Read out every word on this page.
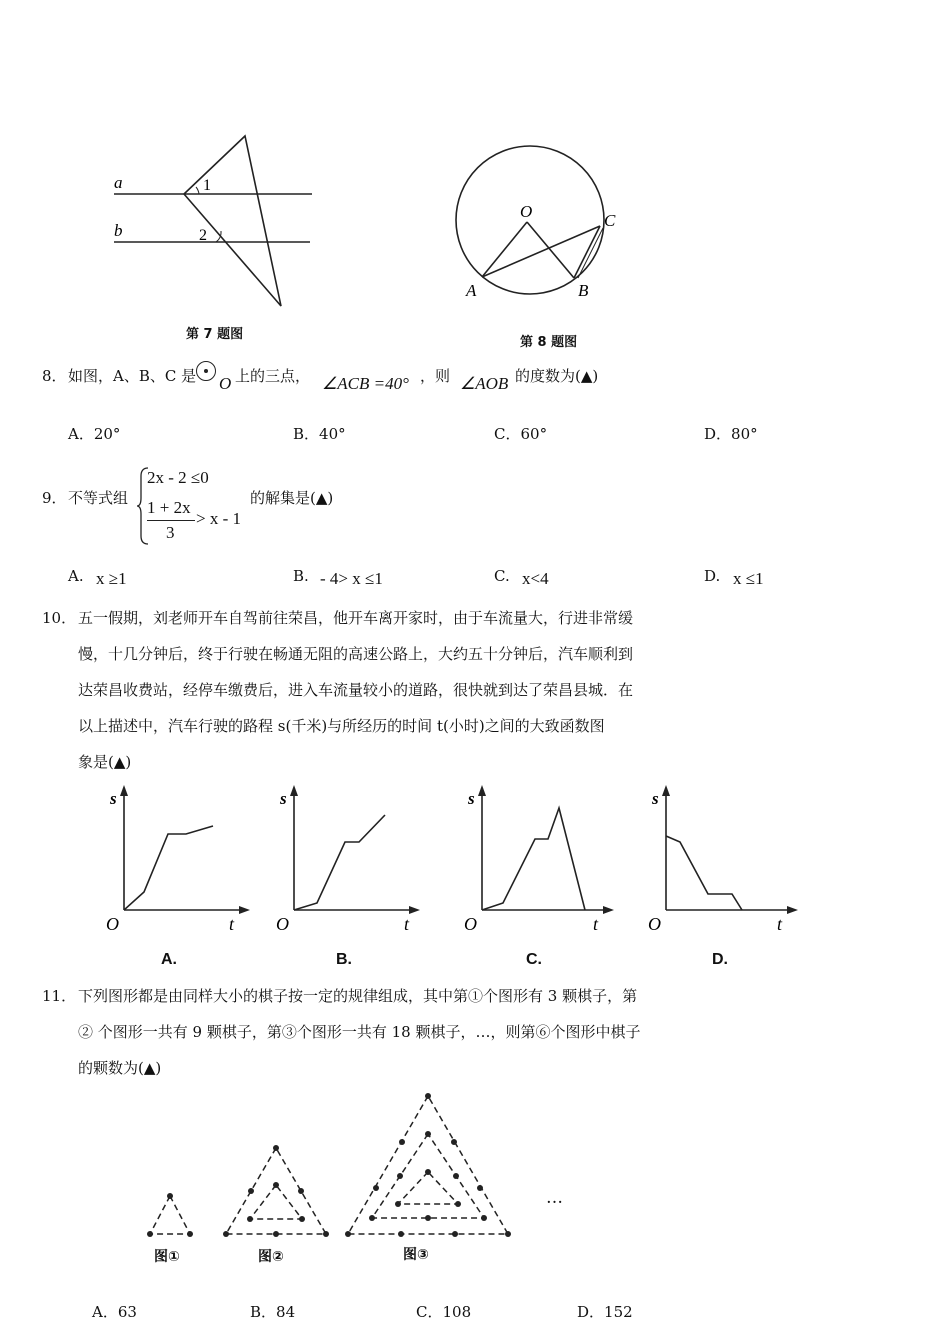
a
b
1
2
第 7 题图
O
A	B
C
第 8 题图
8． 如图，A、B、C 是 O 上的三点， ∠ACB =40° ，则 ∠AOB 的度数为(▲)
A．20°	B．40°	C．60°	D．80°
9． 不等式组
2x - 2 ≤0
1 + 2x
3
> x - 1
的解集是(▲)
A. x ≥1	B. - 4> x ≤1	C. x<4	D. x ≤1
10． 五一假期，刘老师开车自驾前往荣昌，他开车离开家时，由于车流量大，行进非常缓
慢，十几分钟后，终于行驶在畅通无阻的高速公路上，大约五十分钟后，汽车顺利到
达荣昌收费站，经停车缴费后，进入车流量较小的道路，很快就到达了荣昌县城．在
以上描述中，汽车行驶的路程 s(千米)与所经历的时间 t(小时)之间的大致函数图
象是(▲)
s
O	t
A.
s
O	t
B.
s
O	t
C.
s
O	t
D.
11． 下列图形都是由同样大小的棋子按一定的规律组成，其中第①个图形有 3 颗棋子，第
② 个图形一共有 9 颗棋子，第③个图形一共有 18 颗棋子，…，则第⑥个图形中棋子
的颗数为(▲)
…
图①	图②	图③
A．63	B．84	C．108	D．152
